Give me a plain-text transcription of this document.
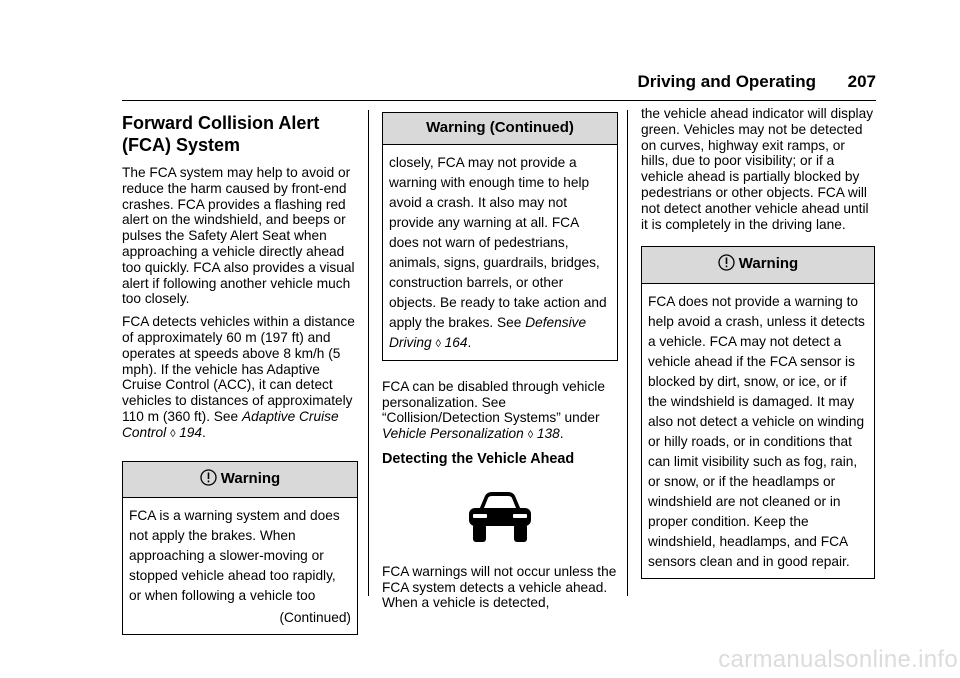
Driving and Operating	207
Forward Collision Alert
(FCA) System

The FCA system may help to avoid or reduce the harm caused by front-end crashes. FCA provides a flashing red alert on the windshield, and beeps or pulses the Safety Alert Seat when approaching a vehicle directly ahead too quickly. FCA also provides a visual alert if following another vehicle much too closely.

FCA detects vehicles within a distance of approximately 60 m (197 ft) and operates at speeds above 8 km/h (5 mph). If the vehicle has Adaptive Cruise Control (ACC), it can detect vehicles to distances of approximately 110 m (360 ft). See Adaptive Cruise Control ◊ 194.

Warning

FCA is a warning system and does not apply the brakes. When approaching a slower-moving or stopped vehicle ahead too rapidly, or when following a vehicle too

(Continued)

Warning (Continued)

closely, FCA may not provide a warning with enough time to help avoid a crash. It also may not provide any warning at all. FCA does not warn of pedestrians, animals, signs, guardrails, bridges, construction barrels, or other objects. Be ready to take action and apply the brakes. See Defensive Driving ◊ 164.

FCA can be disabled through vehicle personalization. See “Collision/Detection Systems” under Vehicle Personalization ◊ 138.

Detecting the Vehicle Ahead

FCA warnings will not occur unless the FCA system detects a vehicle ahead. When a vehicle is detected,

the vehicle ahead indicator will display green. Vehicles may not be detected on curves, highway exit ramps, or hills, due to poor visibility; or if a vehicle ahead is partially blocked by pedestrians or other objects. FCA will not detect another vehicle ahead until it is completely in the driving lane.

Warning

FCA does not provide a warning to help avoid a crash, unless it detects a vehicle. FCA may not detect a vehicle ahead if the FCA sensor is blocked by dirt, snow, or ice, or if the windshield is damaged. It may also not detect a vehicle on winding or hilly roads, or in conditions that can limit visibility such as fog, rain, or snow, or if the headlamps or windshield are not cleaned or in proper condition. Keep the windshield, headlamps, and FCA sensors clean and in good repair.

carmanualsonline.info
